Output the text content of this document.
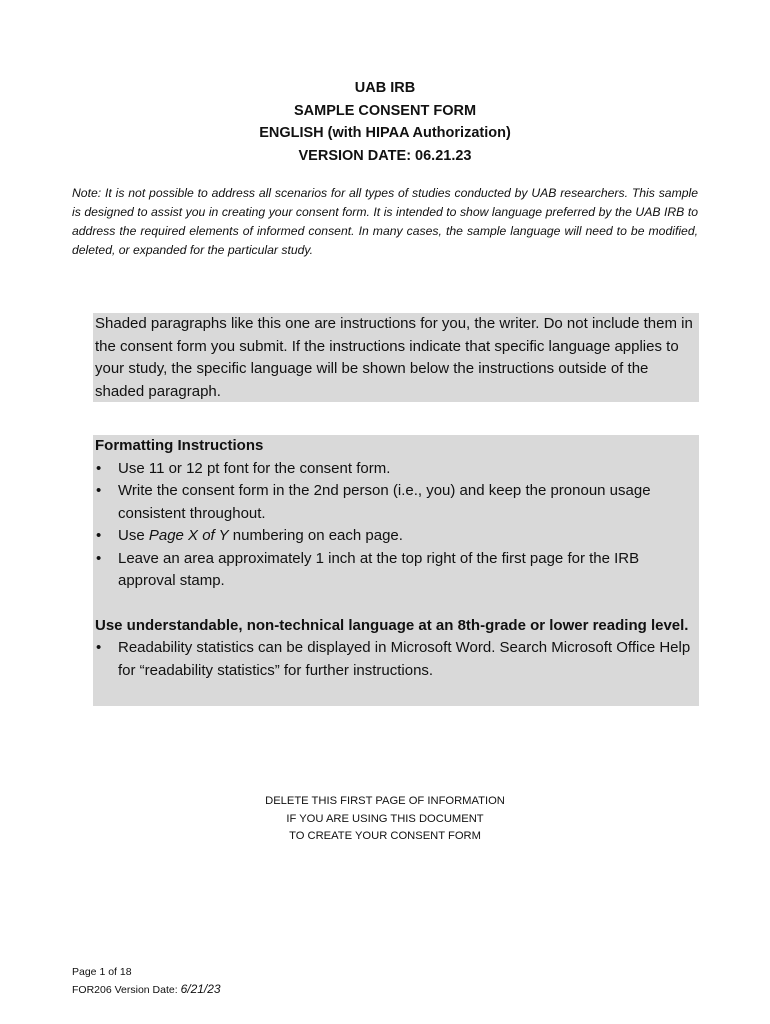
UAB IRB
SAMPLE CONSENT FORM
ENGLISH (with HIPAA Authorization)
VERSION DATE: 06.21.23
Note: It is not possible to address all scenarios for all types of studies conducted by UAB researchers. This sample is designed to assist you in creating your consent form. It is intended to show language preferred by the UAB IRB to address the required elements of informed consent. In many cases, the sample language will need to be modified, deleted, or expanded for the particular study.

Shaded paragraphs like this one are instructions for you, the writer. Do not include them in the consent form you submit. If the instructions indicate that specific language applies to your study, the specific language will be shown below the instructions outside of the shaded paragraph.

Formatting Instructions

• Use 11 or 12 pt font for the consent form.
• Write the consent form in the 2nd person (i.e., you) and keep the pronoun usage consistent throughout.
• Use Page X of Y numbering on each page.
• Leave an area approximately 1 inch at the top right of the first page for the IRB approval stamp.

Use understandable, non-technical language at an 8th-grade or lower reading level.

• Readability statistics can be displayed in Microsoft Word. Search Microsoft Office Help for “readability statistics” for further instructions.
DELETE THIS FIRST PAGE OF INFORMATION
IF YOU ARE USING THIS DOCUMENT
TO CREATE YOUR CONSENT FORM
Page 1 of 18
FOR206 Version Date: 6/21/23
